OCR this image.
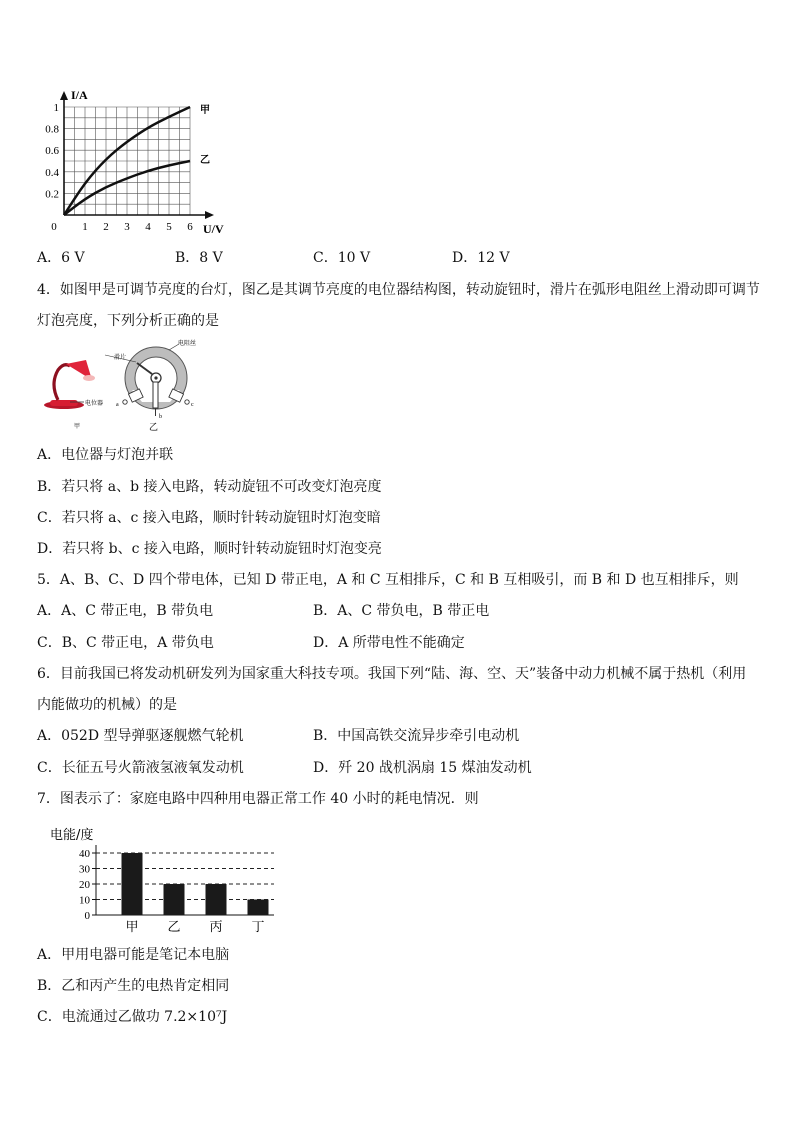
I/A
U/V
1
0.8
0.6
0.4
0.2
0 1 2 3 4 5 6
甲
乙
A．6 V	B．8 V	C．10 V	D．12 V
4．如图甲是可调节亮度的台灯，图乙是其调节亮度的电位器结构图，转动旋钮时，滑片在弧形电阻丝上滑动即可调节
灯泡亮度，下列分析正确的是
电位器
甲
滑片
电阻丝
a
b
c
乙
A．电位器与灯泡并联
B．若只将 a、b 接入电路，转动旋钮不可改变灯泡亮度
C．若只将 a、c 接入电路，顺时针转动旋钮时灯泡变暗
D．若只将 b、c 接入电路，顺时针转动旋钮时灯泡变亮
5．A、B、C、D 四个带电体，已知 D 带正电，A 和 C 互相排斥，C 和 B 互相吸引，而 B 和 D 也互相排斥，则
A．A、C 带正电，B 带负电	B．A、C 带负电，B 带正电
C．B、C 带正电，A 带负电	D．A 所带电性不能确定
6．目前我国已将发动机研发列为国家重大科技专项。我国下列“陆、海、空、天”装备中动力机械不属于热机（利用
内能做功的机械）的是
A．052D 型导弹驱逐舰燃气轮机	B．中国高铁交流异步牵引电动机
C．长征五号火箭液氢液氧发动机	D．歼 20 战机涡扇 15 煤油发动机
7．图表示了：家庭电路中四种用电器正常工作 40 小时的耗电情况．则
电能/度
40
30
20
10
0
甲 乙 丙 丁
A．甲用电器可能是笔记本电脑
B．乙和丙产生的电热肯定相同
C．电流通过乙做功 7.2×10⁷J
